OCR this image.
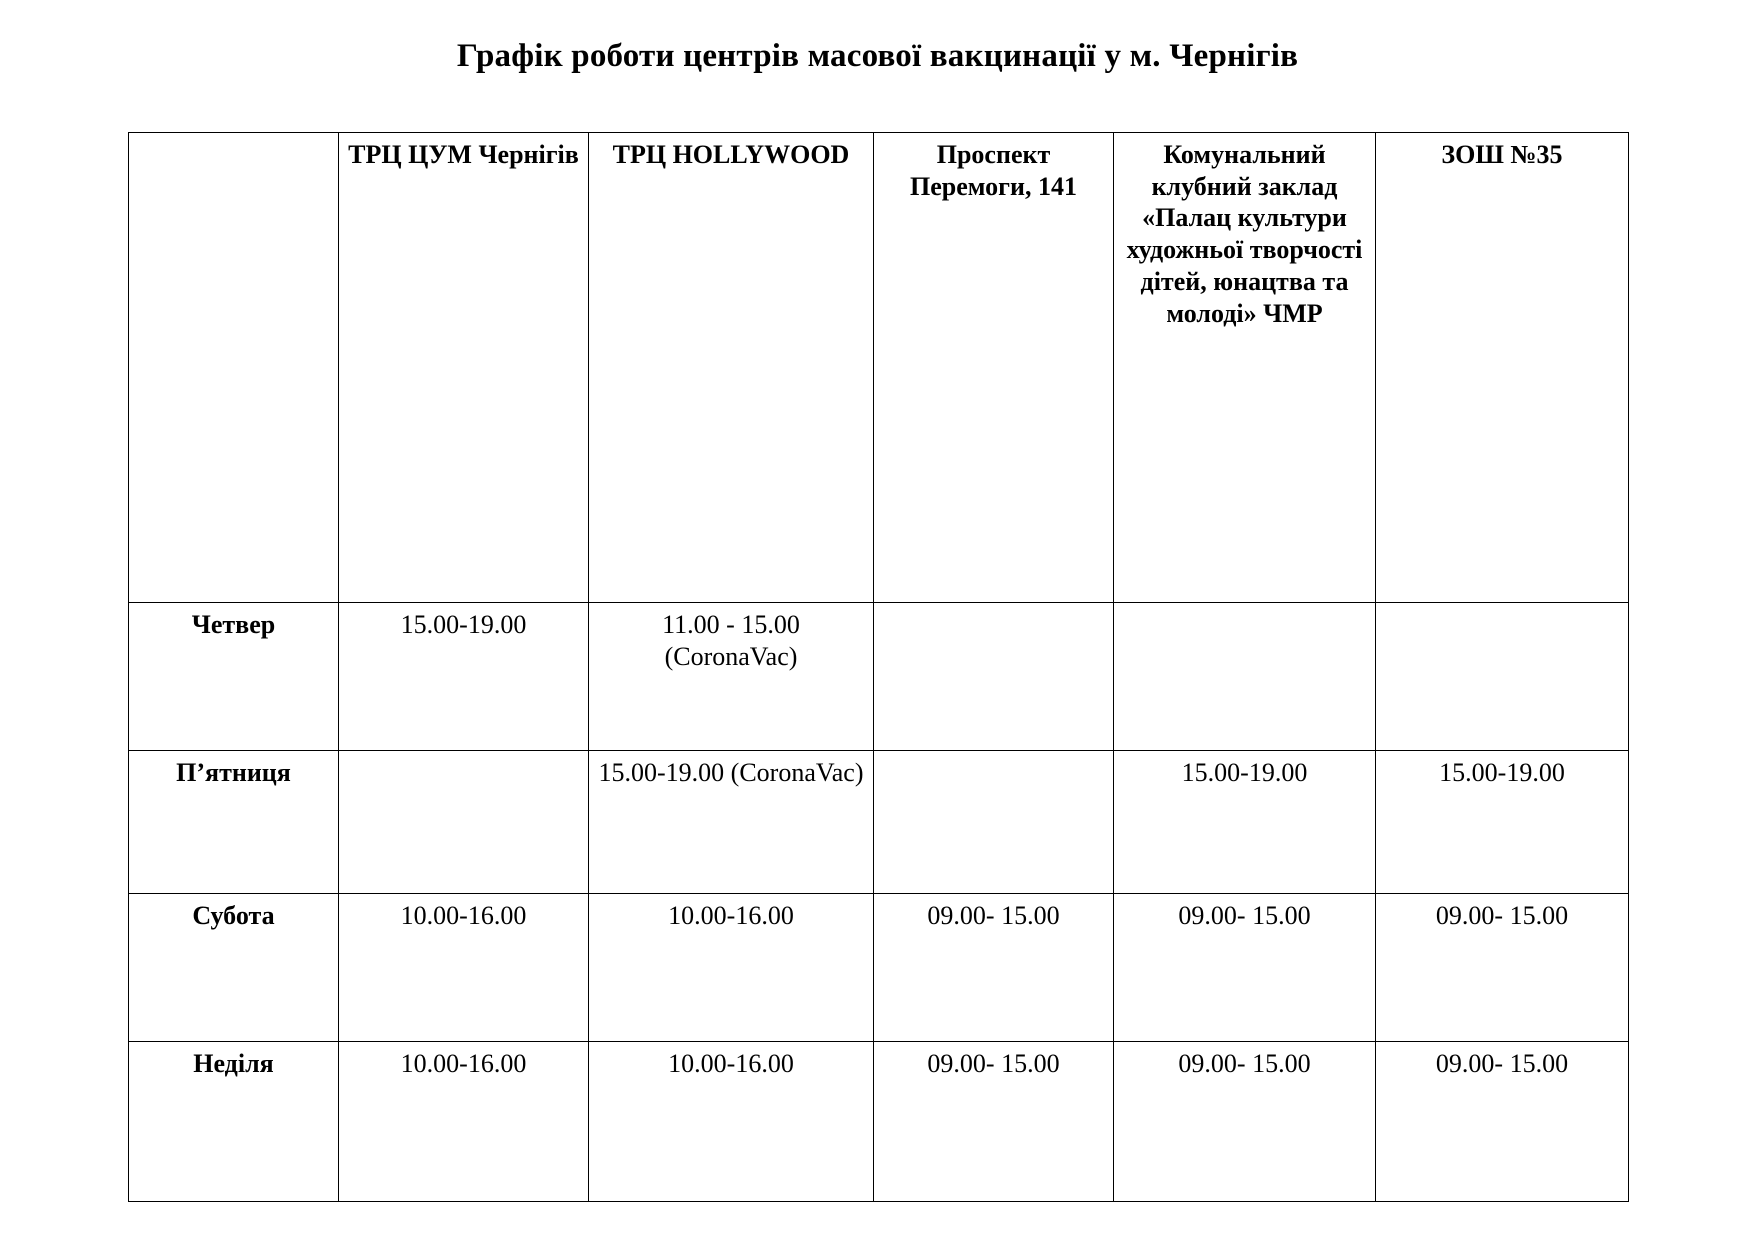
Графік роботи центрів масової вакцинації у м. Чернігів
	ТРЦ ЦУМ Чернігів	ТРЦ HOLLYWOOD	Проспект Перемоги, 141	Комунальний клубний заклад «Палац культури художньої творчості дітей, юнацтва та молоді» ЧМР	ЗОШ №35
Четвер	15.00-19.00	11.00 - 15.00 (CoronaVac)			
П’ятниця		15.00-19.00 (CoronaVac)		15.00-19.00	15.00-19.00
Субота	10.00-16.00	10.00-16.00	09.00- 15.00	09.00- 15.00	09.00- 15.00
Неділя	10.00-16.00	10.00-16.00	09.00- 15.00	09.00- 15.00	09.00- 15.00
